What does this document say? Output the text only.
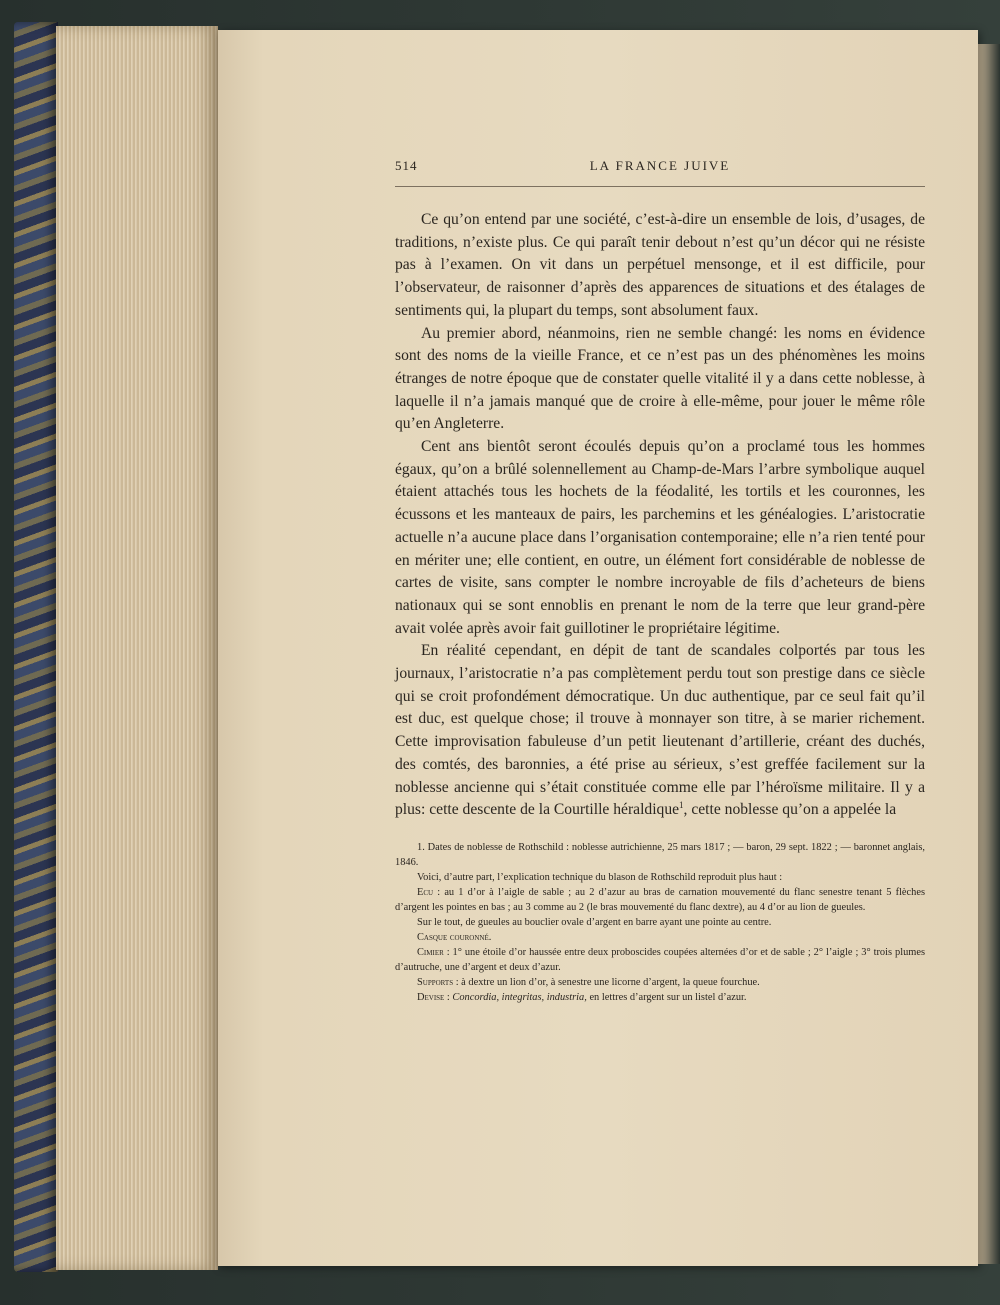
514	LA FRANCE JUIVE

Ce qu’on entend par une société, c’est-à-dire un ensemble de lois, d’usages, de traditions, n’existe plus. Ce qui paraît tenir debout n’est qu’un décor qui ne résiste pas à l’examen. On vit dans un perpétuel mensonge, et il est difficile, pour l’observateur, de raisonner d’après des apparences de situations et des étalages de sentiments qui, la plupart du temps, sont absolument faux.

Au premier abord, néanmoins, rien ne semble changé: les noms en évidence sont des noms de la vieille France, et ce n’est pas un des phénomènes les moins étranges de notre époque que de constater quelle vitalité il y a dans cette noblesse, à laquelle il n’a jamais manqué que de croire à elle-même, pour jouer le même rôle qu’en Angleterre.

Cent ans bientôt seront écoulés depuis qu’on a proclamé tous les hommes égaux, qu’on a brûlé solennellement au Champ-de-Mars l’arbre symbolique auquel étaient attachés tous les hochets de la féodalité, les tortils et les couronnes, les écussons et les manteaux de pairs, les parchemins et les généalogies. L’aristocratie actuelle n’a aucune place dans l’organisation contemporaine; elle n’a rien tenté pour en mériter une; elle contient, en outre, un élément fort considérable de noblesse de cartes de visite, sans compter le nombre incroyable de fils d’acheteurs de biens nationaux qui se sont ennoblis en prenant le nom de la terre que leur grand-père avait volée après avoir fait guillotiner le propriétaire légitime.

En réalité cependant, en dépit de tant de scandales colportés par tous les journaux, l’aristocratie n’a pas complètement perdu tout son prestige dans ce siècle qui se croit profondément démocratique. Un duc authentique, par ce seul fait qu’il est duc, est quelque chose; il trouve à monnayer son titre, à se marier richement. Cette improvisation fabuleuse d’un petit lieutenant d’artillerie, créant des duchés, des comtés, des baronnies, a été prise au sérieux, s’est greffée facilement sur la noblesse ancienne qui s’était constituée comme elle par l’héroïsme militaire. Il y a plus: cette descente de la Courtille héraldique$^1$, cette noblesse qu’on a appelée la

1. Dates de noblesse de Rothschild : noblesse autrichienne, 25 mars 1817 ; — baron, 29 sept. 1822 ; — baronnet anglais, 1846.

Voici, d’autre part, l’explication technique du blason de Rothschild reproduit plus haut :

Ecu : au 1 d’or à l’aigle de sable ; au 2 d’azur au bras de carnation mouvementé du flanc senestre tenant 5 flèches d’argent les pointes en bas ; au 3 comme au 2 (le bras mouvementé du flanc dextre), au 4 d’or au lion de gueules.

Sur le tout, de gueules au bouclier ovale d’argent en barre ayant une pointe au centre.

Casque couronné.

Cimier : 1° une étoile d’or haussée entre deux proboscides coupées alternées d’or et de sable ; 2° l’aigle ; 3° trois plumes d’autruche, une d’argent et deux d’azur.

Supports : à dextre un lion d’or, à senestre une licorne d’argent, la queue fourchue.

Devise : Concordia, integritas, industria, en lettres d’argent sur un listel d’azur.
